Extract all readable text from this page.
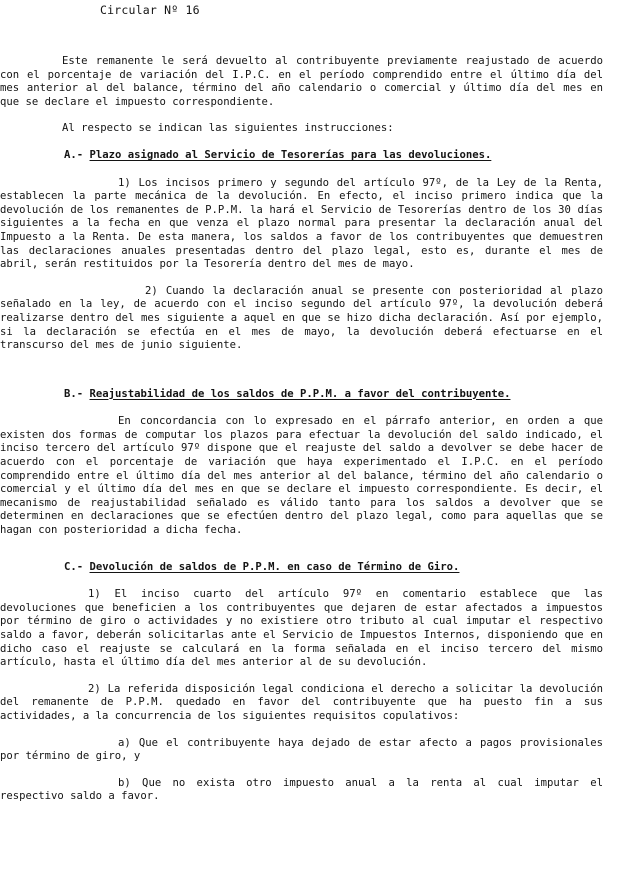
Circular Nº 16

Este remanente le será devuelto al contribuyente previamente reajustado de acuerdo con el porcentaje de variación del I.P.C. en el período comprendido entre el último día del mes anterior al del balance, término del año calendario o comercial y último día del mes en que se declare el impuesto correspondiente.

Al respecto se indican las siguientes instrucciones:

A.- Plazo asignado al Servicio de Tesorerías para las devoluciones.

1) Los incisos primero y segundo del artículo 97º, de la Ley de la Renta, establecen la parte mecánica de la devolución. En efecto, el inciso primero indica que la devolución de los remanentes de P.P.M. la hará el Servicio de Tesorerías dentro de los 30 días siguientes a la fecha en que venza el plazo normal para presentar la declaración anual del Impuesto a la Renta. De esta manera, los saldos a favor de los contribuyentes que demuestren las declaraciones anuales presentadas dentro del plazo legal, esto es, durante el mes de abril, serán restituidos por la Tesorería dentro del mes de mayo.

2) Cuando la declaración anual se presente con posterioridad al plazo señalado en la ley, de acuerdo con el inciso segundo del artículo 97º, la devolución deberá realizarse dentro del mes siguiente a aquel en que se hizo dicha declaración. Así por ejemplo, si la declaración se efectúa en el mes de mayo, la devolución deberá efectuarse en el transcurso del mes de junio siguiente.

B.- Reajustabilidad de los saldos de P.P.M. a favor del contribuyente.

En concordancia con lo expresado en el párrafo anterior, en orden a que existen dos formas de computar los plazos para efectuar la devolución del saldo indicado, el inciso tercero del artículo 97º dispone que el reajuste del saldo a devolver se debe hacer de acuerdo con el porcentaje de variación que haya experimentado el I.P.C. en el período comprendido entre el último día del mes anterior al del balance, término del año calendario o comercial y el último día del mes en que se declare el impuesto correspondiente. Es decir, el mecanismo de reajustabilidad señalado es válido tanto para los saldos a devolver que se determinen en declaraciones que se efectúen dentro del plazo legal, como para aquellas que se hagan con posterioridad a dicha fecha.

C.- Devolución de saldos de P.P.M. en caso de Término de Giro.

1) El inciso cuarto del artículo 97º en comentario establece que las devoluciones que beneficien a los contribuyentes que dejaren de estar afectados a impuestos por término de giro o actividades y no existiere otro tributo al cual imputar el respectivo saldo a favor, deberán solicitarlas ante el Servicio de Impuestos Internos, disponiendo que en dicho caso el reajuste se calculará en la forma señalada en el inciso tercero del mismo artículo, hasta el último día del mes anterior al de su devolución.

2) La referida disposición legal condiciona el derecho a solicitar la devolución del remanente de P.P.M. quedado en favor del contribuyente que ha puesto fin a sus actividades, a la concurrencia de los siguientes requisitos copulativos:

a) Que el contribuyente haya dejado de estar afecto a pagos provisionales por término de giro, y

b) Que no exista otro impuesto anual a la renta al cual imputar el respectivo saldo a favor.
